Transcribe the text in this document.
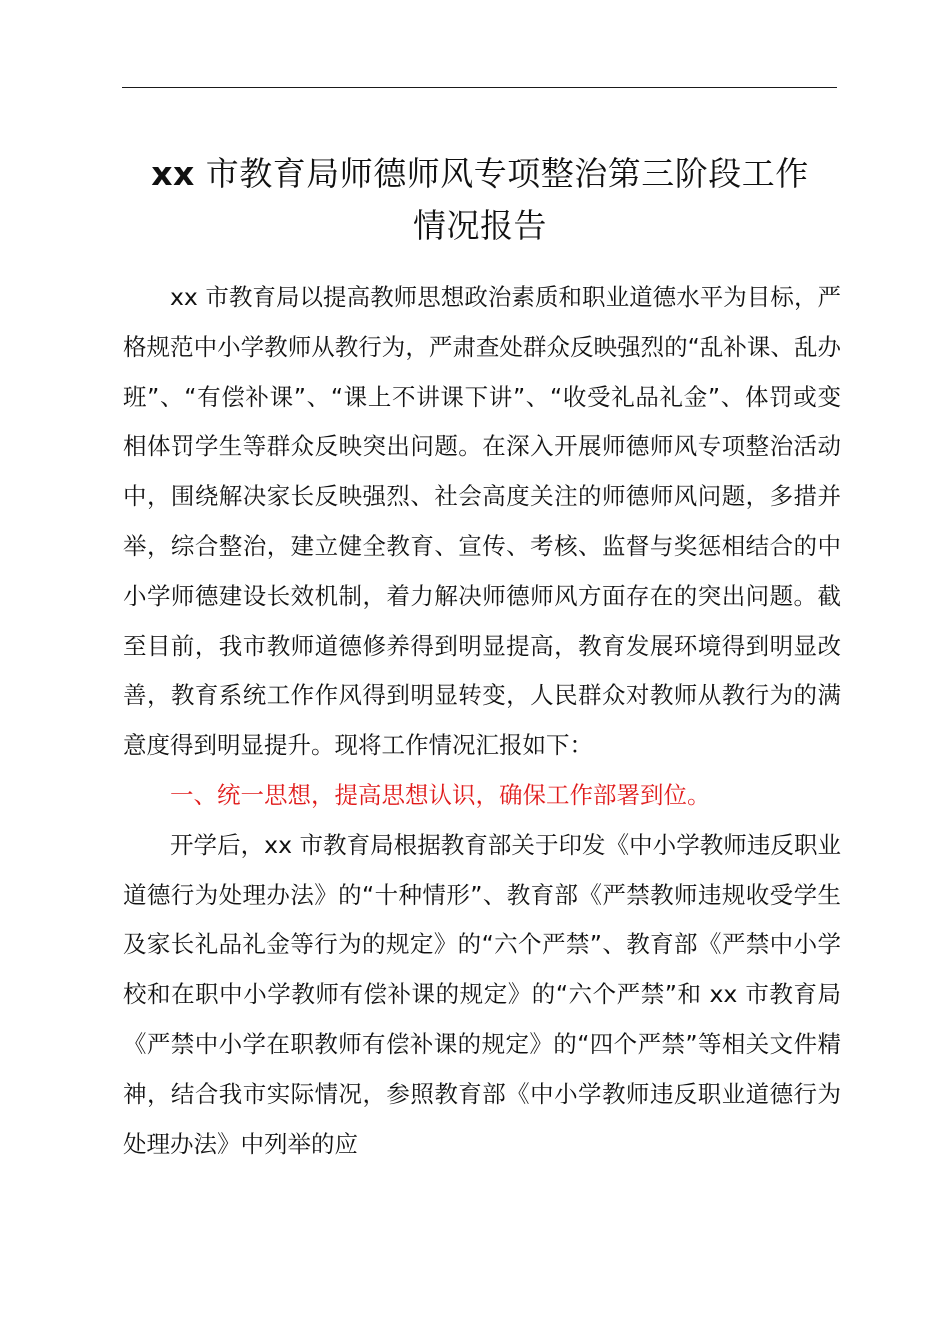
xx 市教育局师德师风专项整治第三阶段工作
情况报告

xx 市教育局以提高教师思想政治素质和职业道德水平为目标，严格规范中小学教师从教行为，严肃查处群众反映强烈的“乱补课、乱办班”、“有偿补课”、“课上不讲课下讲”、“收受礼品礼金”、体罚或变相体罚学生等群众反映突出问题。在深入开展师德师风专项整治活动中，围绕解决家长反映强烈、社会高度关注的师德师风问题，多措并举，综合整治，建立健全教育、宣传、考核、监督与奖惩相结合的中小学师德建设长效机制，着力解决师德师风方面存在的突出问题。截至目前，我市教师道德修养得到明显提高，教育发展环境得到明显改善，教育系统工作作风得到明显转变，人民群众对教师从教行为的满意度得到明显提升。现将工作情况汇报如下：

一、统一思想，提高思想认识，确保工作部署到位。

开学后，xx 市教育局根据教育部关于印发《中小学教师违反职业道德行为处理办法》的“十种情形”、教育部《严禁教师违规收受学生及家长礼品礼金等行为的规定》的“六个严禁”、教育部《严禁中小学校和在职中小学教师有偿补课的规定》的“六个严禁”和 xx 市教育局《严禁中小学在职教师有偿补课的规定》的“四个严禁”等相关文件精神，结合我市实际情况，参照教育部《中小学教师违反职业道德行为处理办法》中列举的应
